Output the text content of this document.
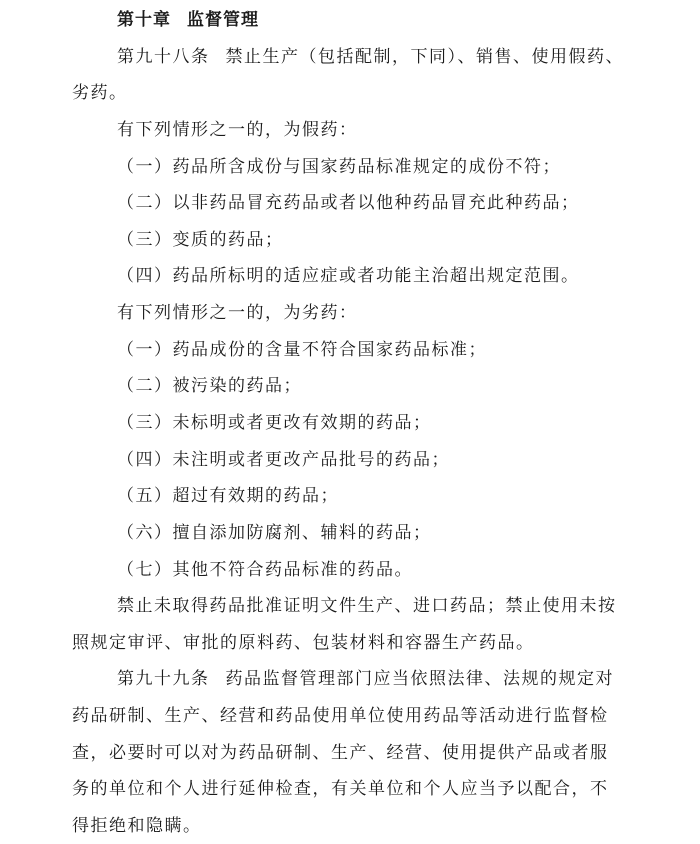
第十章 监督管理
第九十八条 禁止生产（包括配制，下同）、销售、使用假药、
劣药。
有下列情形之一的，为假药：
（一）药品所含成份与国家药品标准规定的成份不符；
（二）以非药品冒充药品或者以他种药品冒充此种药品；
（三）变质的药品；
（四）药品所标明的适应症或者功能主治超出规定范围。
有下列情形之一的，为劣药：
（一）药品成份的含量不符合国家药品标准；
（二）被污染的药品；
（三）未标明或者更改有效期的药品；
（四）未注明或者更改产品批号的药品；
（五）超过有效期的药品；
（六）擅自添加防腐剂、辅料的药品；
（七）其他不符合药品标准的药品。
禁止未取得药品批准证明文件生产、进口药品；禁止使用未按
照规定审评、审批的原料药、包装材料和容器生产药品。
第九十九条 药品监督管理部门应当依照法律、法规的规定对
药品研制、生产、经营和药品使用单位使用药品等活动进行监督检
查，必要时可以对为药品研制、生产、经营、使用提供产品或者服
务的单位和个人进行延伸检查，有关单位和个人应当予以配合，不
得拒绝和隐瞒。
